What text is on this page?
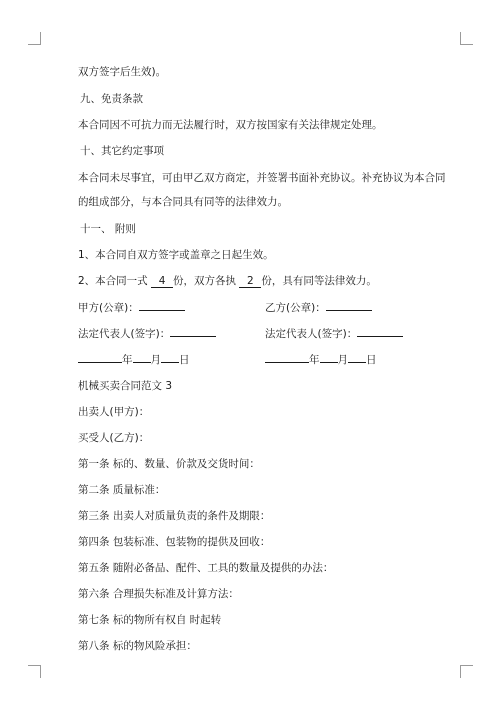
双方签字后生效)。
九、免责条款
本合同因不可抗力而无法履行时，双方按国家有关法律规定处理。
十、其它约定事项
本合同未尽事宜，可由甲乙双方商定，并签署书面补充协议。补充协议为本合同
的组成部分，与本合同具有同等的法律效力。
十一、 附则
1、本合同自双方签字或盖章之日起生效。
2、本合同一式 4 份，双方各执 2 份，具有同等法律效力。
甲方(公章)：	乙方(公章)：
法定代表人(签字)：	法定代表人(签字)：
年 月 日	年 月 日
机械买卖合同范文 3
出卖人(甲方)：
买受人(乙方)：
第一条 标的、数量、价款及交货时间：
第二条 质量标准：
第三条 出卖人对质量负责的条件及期限：
第四条 包装标准、包装物的提供及回收：
第五条 随附必备品、配件、工具的数量及提供的办法：
第六条 合理损失标准及计算方法：
第七条 标的物所有权自 时起转
第八条 标的物风险承担：
